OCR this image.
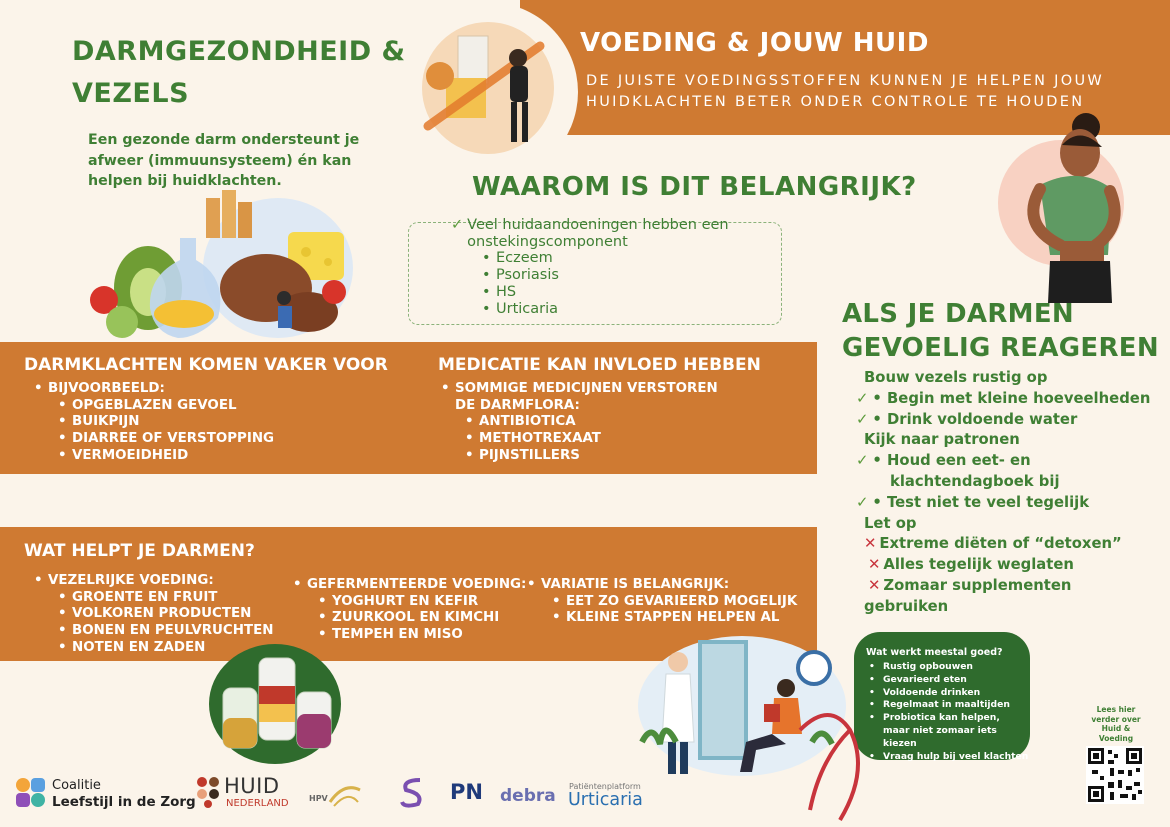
VOEDING & JOUW HUID
DE JUISTE VOEDINGSSTOFFEN KUNNEN JE HELPEN JOUW
HUIDKLACHTEN BETER ONDER CONTROLE TE HOUDEN
DARMGEZONDHEID &
VEZELS
Een gezonde darm ondersteunt je afweer (immuunsysteem) én kan helpen bij huidklachten.	WAAROM IS DIT BELANGRIJK?
✓ Veel huidaandoeningen hebben een onstekingscomponent
• Eczeem
• Psoriasis
• HS
• Urticaria
DARMKLACHTEN KOMEN VAKER VOOR
• BIJVOORBEELD:
• OPGEBLAZEN GEVOEL
• BUIKPIJN
• DIARREE OF VERSTOPPING
• VERMOEIDHEID
MEDICATIE KAN INVLOED HEBBEN
• SOMMIGE MEDICIJNEN VERSTOREN DE DARMFLORA:
• ANTIBIOTICA
• METHOTREXAAT
• PIJNSTILLERS
WAT HELPT JE DARMEN?
• VEZELRIJKE VOEDING:
• GROENTE EN FRUIT
• VOLKOREN PRODUCTEN
• BONEN EN PEULVRUCHTEN
• NOTEN EN ZADEN
• GEFERMENTEERDE VOEDING:
• YOGHURT EN KEFIR
• ZUURKOOL EN KIMCHI
• TEMPEH EN MISO
• VARIATIE IS BELANGRIJK:
• EET ZO GEVARIEERD MOGELIJK
• KLEINE STAPPEN HELPEN AL
ALS JE DARMEN
GEVOELIG REAGEREN
Bouw vezels rustig op
✓ • Begin met kleine hoeveelheden
✓ • Drink voldoende water
Kijk naar patronen
✓ • Houd een eet- en
klachtendagboek bij
✓ • Test niet te veel tegelijk
Let op
✕ Extreme diëten of “detoxen”
✕ Alles tegelijk weglaten
✕ Zomaar supplementen
gebruiken
Wat werkt meestal goed?
• Rustig opbouwen
• Gevarieerd eten
• Voldoende drinken
• Regelmaat in maaltijden
• Probiotica kan helpen, maar niet zomaar iets kiezen
• Vraag hulp bij veel klachten
Lees hier verder over Huid & Voeding
Coalitie
Leefstijl in de Zorg
HUID
NEDERLAND	HPV	PN debra Patiëntenplatform
Urticaria
